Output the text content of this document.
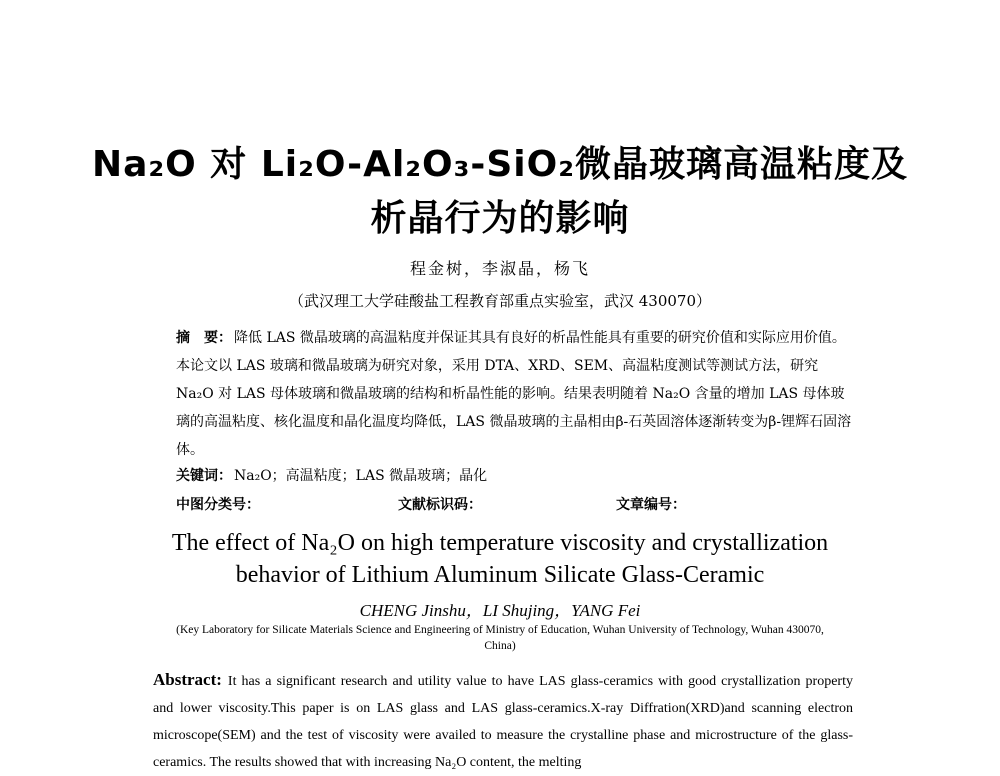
Na₂O 对 Li₂O-Al₂O₃-SiO₂微晶玻璃高温粘度及
析晶行为的影响
程金树，李淑晶，杨飞
（武汉理工大学硅酸盐工程教育部重点实验室，武汉 430070）
摘　要： 降低 LAS 微晶玻璃的高温粘度并保证其具有良好的析晶性能具有重要的研究价值和实际应用价值。本论文以 LAS 玻璃和微晶玻璃为研究对象，采用 DTA、XRD、SEM、高温粘度测试等测试方法，研究 Na₂O 对 LAS 母体玻璃和微晶玻璃的结构和析晶性能的影响。结果表明随着 Na₂O 含量的增加 LAS 母体玻璃的高温粘度、核化温度和晶化温度均降低，LAS 微晶玻璃的主晶相由β-石英固溶体逐渐转变为β-锂辉石固溶体。
关键词： Na₂O；高温粘度；LAS 微晶玻璃；晶化
中图分类号：	文献标识码：	文章编号：
The effect of Na₂O on high temperature viscosity and crystallization
behavior of Lithium Aluminum Silicate Glass-Ceramic
CHENG Jinshu，LI Shujing，YANG Fei
(Key Laboratory for Silicate Materials Science and Engineering of Ministry of Education, Wuhan University of Technology, Wuhan 430070, China)
Abstract: It has a significant research and utility value to have LAS glass-ceramics with good crystallization property and lower viscosity.This paper is on LAS glass and LAS glass-ceramics.X-ray Diffration(XRD)and scanning electron microscope(SEM) and the test of viscosity were availed to measure the crystalline phase and microstructure of the glass-ceramics. The results showed that with increasing Na₂O content, the melting
